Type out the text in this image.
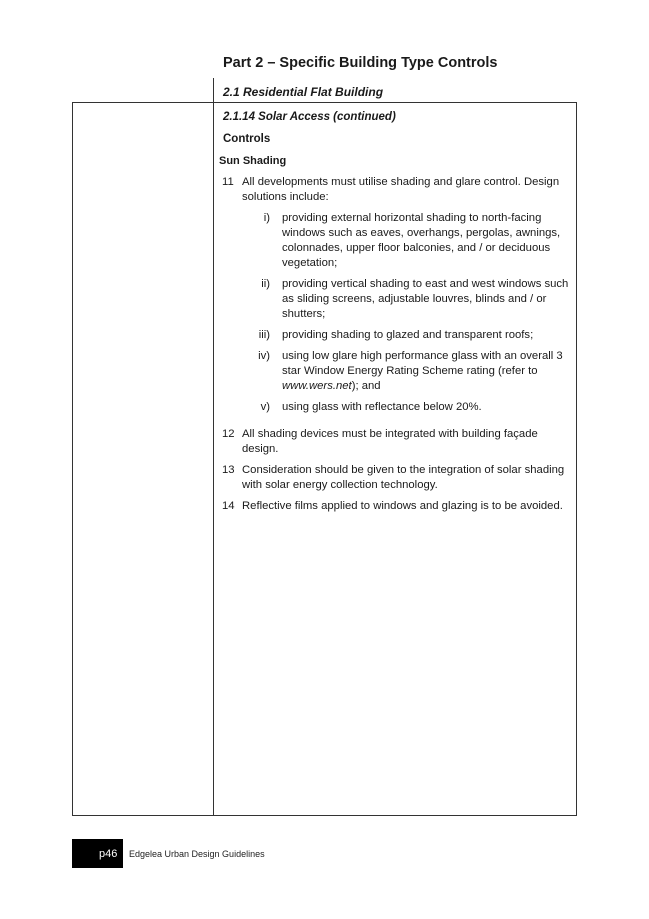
Part 2 – Specific Building Type Controls
2.1 Residential Flat Building
2.1.14 Solar Access (continued)
Controls
Sun Shading
11 All developments must utilise shading and glare control. Design solutions include:
i)	providing external horizontal shading to north-facing windows such as eaves, overhangs, pergolas, awnings, colonnades, upper floor balconies, and / or deciduous vegetation;
ii)	providing vertical shading to east and west windows such as sliding screens, adjustable louvres, blinds and / or shutters;
iii)	providing shading to glazed and transparent roofs;
iv)	using low glare high performance glass with an overall 3 star Window Energy Rating Scheme rating (refer to www.wers.net); and
v)	using glass with reflectance below 20%.
12 All shading devices must be integrated with building façade design.
13 Consideration should be given to the integration of solar shading with solar energy collection technology.
14 Reflective films applied to windows and glazing is to be avoided.
p46	Edgelea Urban Design Guidelines
